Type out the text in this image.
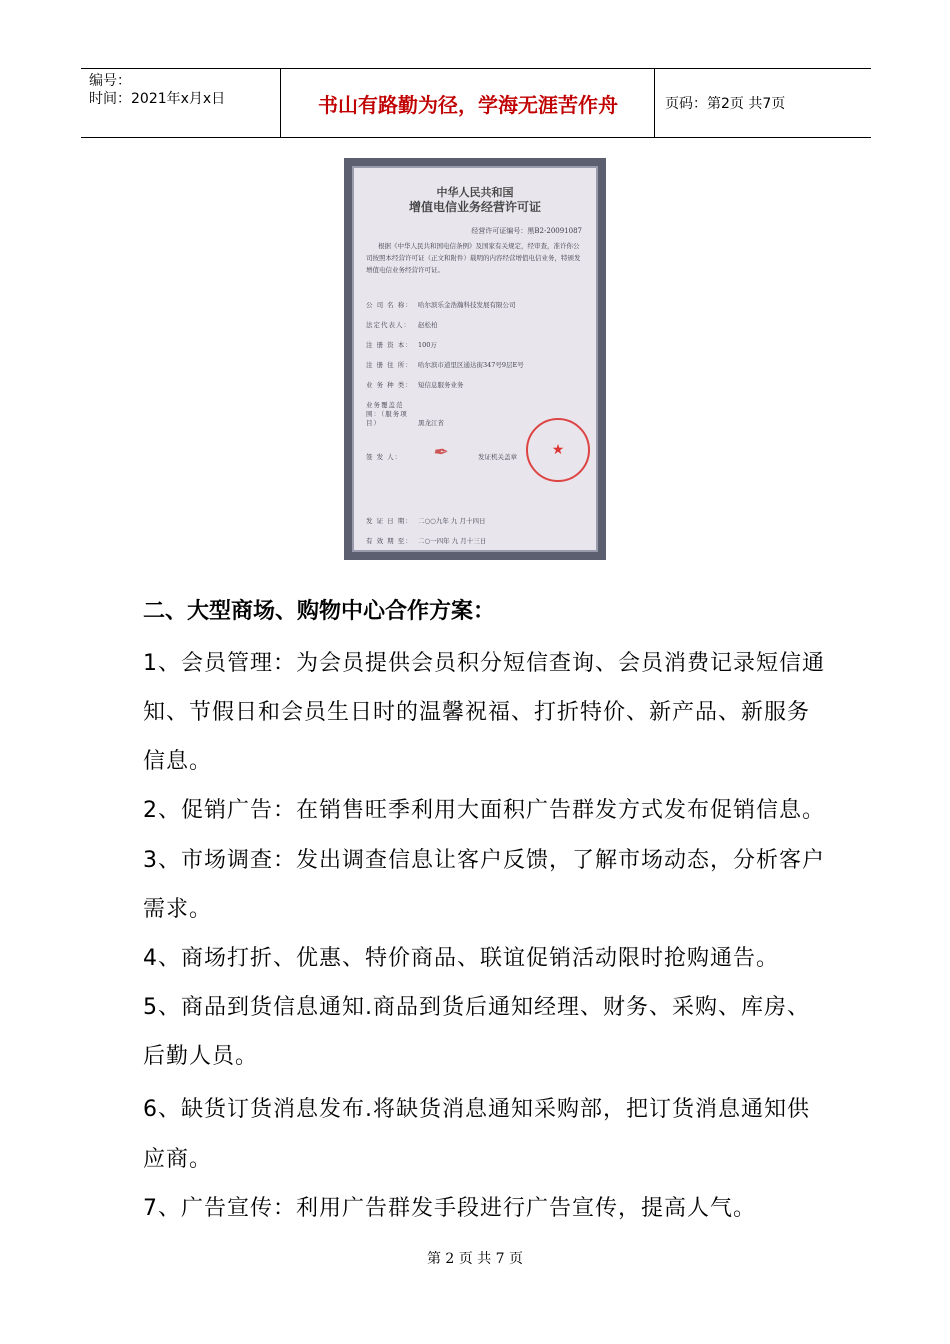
编号：
时间：2021年x月x日	书山有路勤为径，学海无涯苦作舟	页码：第2页 共7页
中华人民共和国
增值电信业务经营许可证
经营许可证编号：黑B2-20091087
根据《中华人民共和国电信条例》及国家有关规定，经审查，准许你公司按照本经营许可证（正文和附件）载明的内容经营增值电信业务，特颁发增值电信业务经营许可证。
公 司 名 称： 哈尔滨乐金浩瀚科技发展有限公司
法定代表人： 赵松柏
注 册 资 本： 100万
注 册 住 所： 哈尔滨市道里区通达街347号9层E号
业 务 种 类： 短信息服务业务
业务覆盖范围：（服务项目）	黑龙江省
签 发 人：	发证机关盖章
发 证 日 期： 二○○九年 九 月十四日
有 效 期 至： 二○一四年 九 月十三日
✒	★
二、大型商场、购物中心合作方案：
1、会员管理：为会员提供会员积分短信查询、会员消费记录短信通
知、节假日和会员生日时的温馨祝福、打折特价、新产品、新服务
信息。
2、促销广告：在销售旺季利用大面积广告群发方式发布促销信息。
3、市场调查：发出调查信息让客户反馈，了解市场动态，分析客户
需求。
4、商场打折、优惠、特价商品、联谊促销活动限时抢购通告。
5、商品到货信息通知.商品到货后通知经理、财务、采购、库房、
后勤人员。
6、缺货订货消息发布.将缺货消息通知采购部，把订货消息通知供
应商。
7、广告宣传：利用广告群发手段进行广告宣传，提高人气。
第 2 页 共 7 页
